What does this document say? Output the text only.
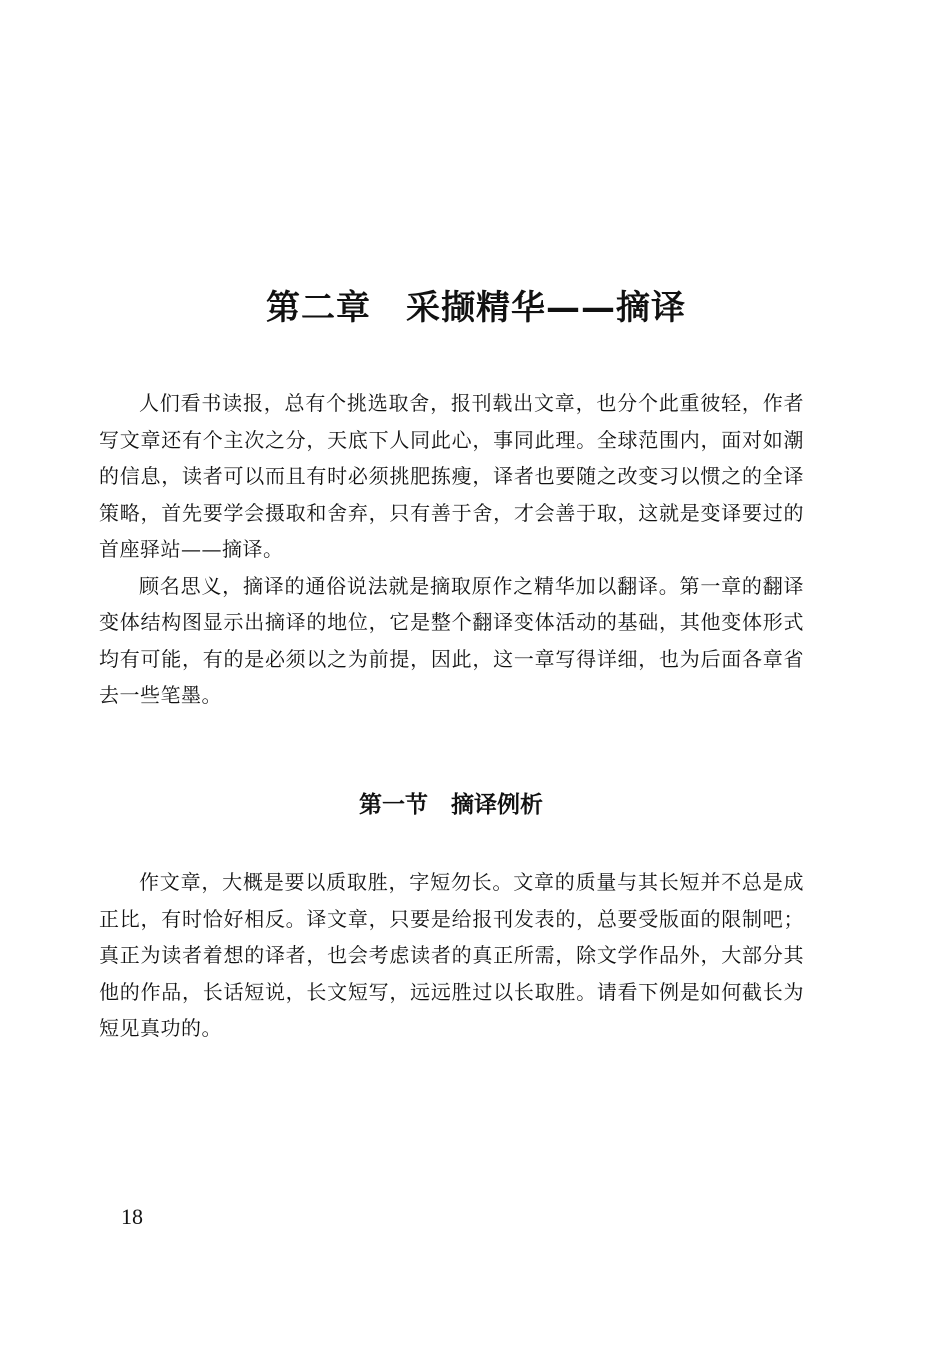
第二章　采撷精华——摘译

人们看书读报，总有个挑选取舍，报刊载出文章，也分个此重彼轻，作者写文章还有个主次之分，天底下人同此心，事同此理。全球范围内，面对如潮的信息，读者可以而且有时必须挑肥拣瘦，译者也要随之改变习以惯之的全译策略，首先要学会摄取和舍弃，只有善于舍，才会善于取，这就是变译要过的首座驿站——摘译。

顾名思义，摘译的通俗说法就是摘取原作之精华加以翻译。第一章的翻译变体结构图显示出摘译的地位，它是整个翻译变体活动的基础，其他变体形式均有可能，有的是必须以之为前提，因此，这一章写得详细，也为后面各章省去一些笔墨。

第一节　摘译例析

作文章，大概是要以质取胜，字短勿长。文章的质量与其长短并不总是成正比，有时恰好相反。译文章，只要是给报刊发表的，总要受版面的限制吧；真正为读者着想的译者，也会考虑读者的真正所需，除文学作品外，大部分其他的作品，长话短说，长文短写，远远胜过以长取胜。请看下例是如何截长为短见真功的。

18
